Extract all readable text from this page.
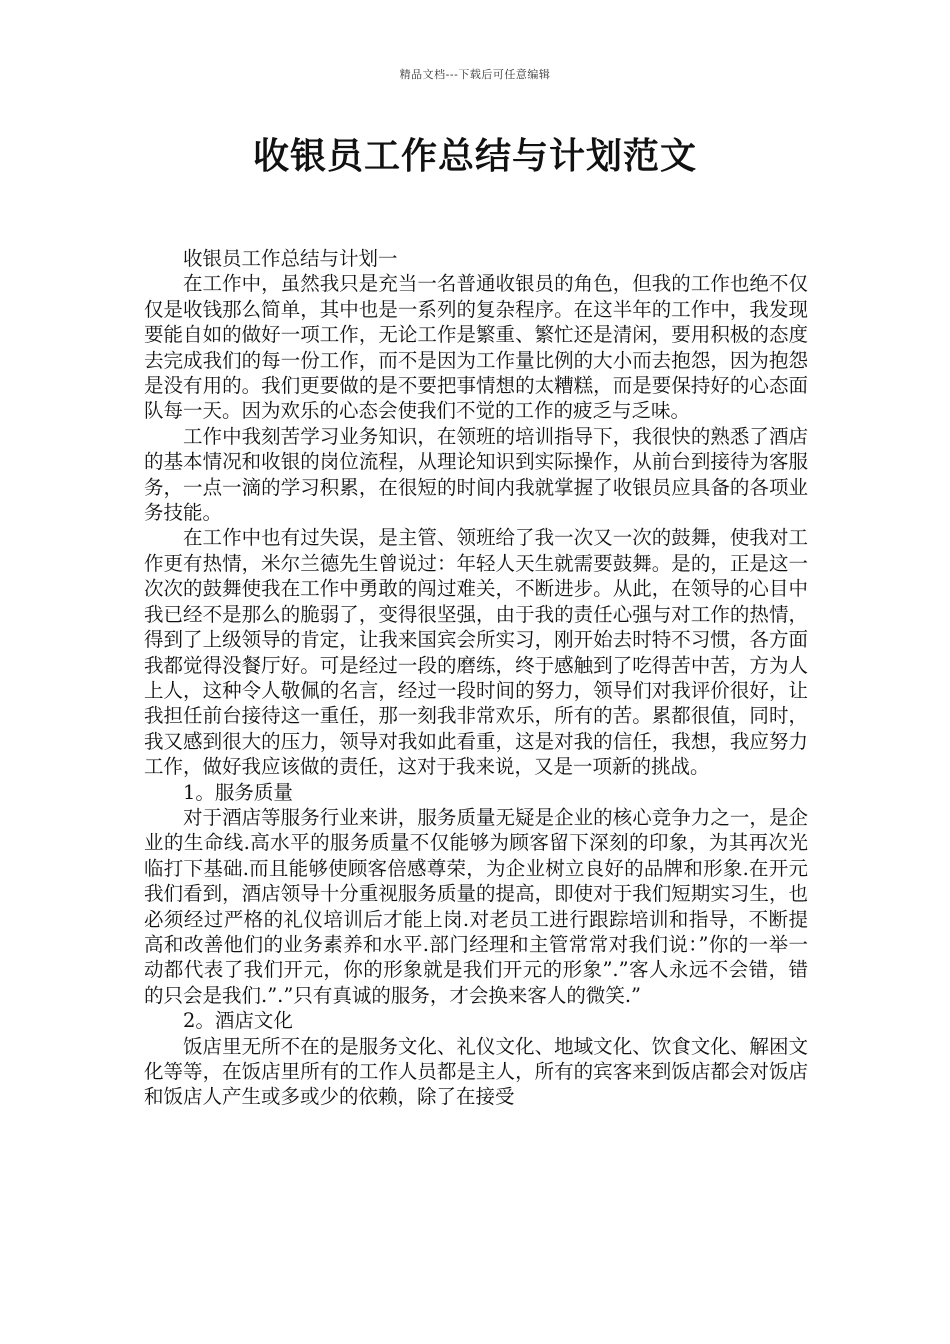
精品文档---下载后可任意编辑
收银员工作总结与计划范文

收银员工作总结与计划一

在工作中，虽然我只是充当一名普通收银员的角色，但我的工作也绝不仅仅是收钱那么简单，其中也是一系列的复杂程序。在这半年的工作中，我发现要能自如的做好一项工作，无论工作是繁重、繁忙还是清闲，要用积极的态度去完成我们的每一份工作，而不是因为工作量比例的大小而去抱怨，因为抱怨是没有用的。我们更要做的是不要把事情想的太糟糕，而是要保持好的心态面队每一天。因为欢乐的心态会使我们不觉的工作的疲乏与乏味。

工作中我刻苦学习业务知识，在领班的培训指导下，我很快的熟悉了酒店的基本情况和收银的岗位流程，从理论知识到实际操作，从前台到接待为客服务，一点一滴的学习积累，在很短的时间内我就掌握了收银员应具备的各项业务技能。

在工作中也有过失误，是主管、领班给了我一次又一次的鼓舞，使我对工作更有热情，米尔兰德先生曾说过：年轻人天生就需要鼓舞。是的，正是这一次次的鼓舞使我在工作中勇敢的闯过难关，不断进步。从此，在领导的心目中我已经不是那么的脆弱了，变得很坚强，由于我的责任心强与对工作的热情，得到了上级领导的肯定，让我来国宾会所实习，刚开始去时特不习惯，各方面我都觉得没餐厅好。可是经过一段的磨练，终于感触到了吃得苦中苦，方为人上人，这种令人敬佩的名言，经过一段时间的努力，领导们对我评价很好，让我担任前台接待这一重任，那一刻我非常欢乐，所有的苦。累都很值，同时，我又感到很大的压力，领导对我如此看重，这是对我的信任，我想，我应努力工作，做好我应该做的责任，这对于我来说，又是一项新的挑战。

1。服务质量

对于酒店等服务行业来讲，服务质量无疑是企业的核心竞争力之一，是企业的生命线.高水平的服务质量不仅能够为顾客留下深刻的印象，为其再次光临打下基础.而且能够使顾客倍感尊荣，为企业树立良好的品牌和形象.在开元我们看到，酒店领导十分重视服务质量的提高，即使对于我们短期实习生，也必须经过严格的礼仪培训后才能上岗.对老员工进行跟踪培训和指导，不断提高和改善他们的业务素养和水平.部门经理和主管常常对我们说：”你的一举一动都代表了我们开元，你的形象就是我们开元的形象”.”客人永远不会错，错的只会是我们.”.”只有真诚的服务，才会换来客人的微笑.”

2。酒店文化

饭店里无所不在的是服务文化、礼仪文化、地域文化、饮食文化、解困文化等等，在饭店里所有的工作人员都是主人，所有的宾客来到饭店都会对饭店和饭店人产生或多或少的依赖，除了在接受
